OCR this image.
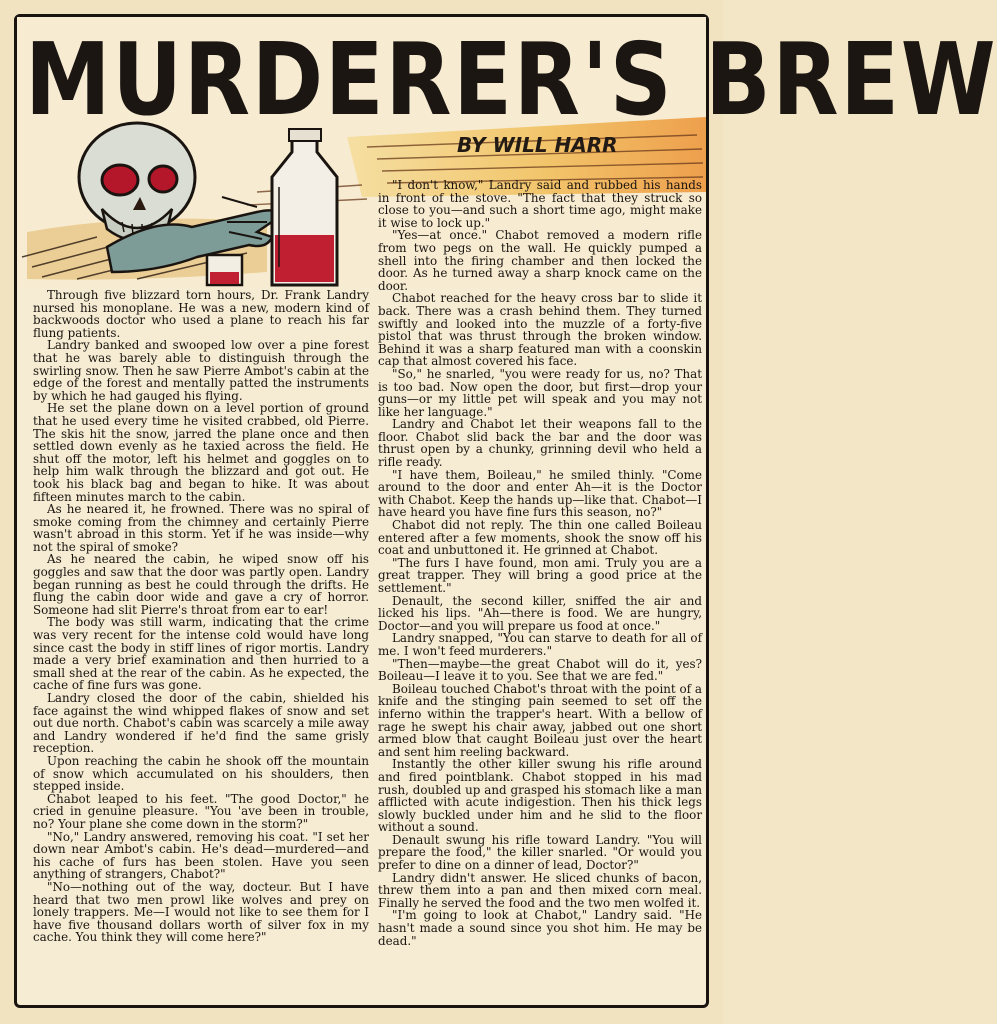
MURDERER'S BREW
BY WILL HARR

Through five blizzard torn hours, Dr. Frank Landry nursed his monoplane. He was a new, modern kind of backwoods doctor who used a plane to reach his far flung patients.

Landry banked and swooped low over a pine forest that he was barely able to distinguish through the swirling snow. Then he saw Pierre Ambot's cabin at the edge of the forest and mentally patted the instruments by which he had gauged his flying.

He set the plane down on a level portion of ground that he used every time he visited crabbed, old Pierre. The skis hit the snow, jarred the plane once and then settled down evenly as he taxied across the field. He shut off the motor, left his helmet and goggles on to help him walk through the blizzard and got out. He took his black bag and began to hike. It was about fifteen minutes march to the cabin.

As he neared it, he frowned. There was no spiral of smoke coming from the chimney and certainly Pierre wasn't abroad in this storm. Yet if he was inside—why not the spiral of smoke?

As he neared the cabin, he wiped snow off his goggles and saw that the door was partly open. Landry began running as best he could through the drifts. He flung the cabin door wide and gave a cry of horror. Someone had slit Pierre's throat from ear to ear!

The body was still warm, indicating that the crime was very recent for the intense cold would have long since cast the body in stiff lines of rigor mortis. Landry made a very brief examination and then hurried to a small shed at the rear of the cabin. As he expected, the cache of fine furs was gone.

Landry closed the door of the cabin, shielded his face against the wind whipped flakes of snow and set out due north. Chabot's cabin was scarcely a mile away and Landry wondered if he'd find the same grisly reception.

Upon reaching the cabin he shook off the mountain of snow which accumulated on his shoulders, then stepped inside.

Chabot leaped to his feet. "The good Doctor," he cried in genuine pleasure. "You 'ave been in trouble, no? Your plane she come down in the storm?"

"No," Landry answered, removing his coat. "I set her down near Ambot's cabin. He's dead—murdered—and his cache of furs has been stolen. Have you seen anything of strangers, Chabot?"

"No—nothing out of the way, docteur. But I have heard that two men prowl like wolves and prey on lonely trappers. Me—I would not like to see them for I have five thousand dollars worth of silver fox in my cache. You think they will come here?"

"I don't know," Landry said and rubbed his hands in front of the stove. "The fact that they struck so close to you—and such a short time ago, might make it wise to lock up."

"Yes—at once." Chabot removed a modern rifle from two pegs on the wall. He quickly pumped a shell into the firing chamber and then locked the door. As he turned away a sharp knock came on the door.

Chabot reached for the heavy cross bar to slide it back. There was a crash behind them. They turned swiftly and looked into the muzzle of a forty-five pistol that was thrust through the broken window. Behind it was a sharp featured man with a coonskin cap that almost covered his face.

"So," he snarled, "you were ready for us, no? That is too bad. Now open the door, but first—drop your guns—or my little pet will speak and you may not like her language."

Landry and Chabot let their weapons fall to the floor. Chabot slid back the bar and the door was thrust open by a chunky, grinning devil who held a rifle ready.

"I have them, Boileau," he smiled thinly. "Come around to the door and enter Ah—it is the Doctor with Chabot. Keep the hands up—like that. Chabot—I have heard you have fine furs this season, no?"

Chabot did not reply. The thin one called Boileau entered after a few moments, shook the snow off his coat and unbuttoned it. He grinned at Chabot.

"The furs I have found, mon ami. Truly you are a great trapper. They will bring a good price at the settlement."

Denault, the second killer, sniffed the air and licked his lips. "Ah—there is food. We are hungry, Doctor—and you will prepare us food at once."

Landry snapped, "You can starve to death for all of me. I won't feed murderers."

"Then—maybe—the great Chabot will do it, yes? Boileau—I leave it to you. See that we are fed."

Boileau touched Chabot's throat with the point of a knife and the stinging pain seemed to set off the inferno within the trapper's heart. With a bellow of rage he swept his chair away, jabbed out one short armed blow that caught Boileau just over the heart and sent him reeling backward.

Instantly the other killer swung his rifle around and fired pointblank. Chabot stopped in his mad rush, doubled up and grasped his stomach like a man afflicted with acute indigestion. Then his thick legs slowly buckled under him and he slid to the floor without a sound.

Denault swung his rifle toward Landry. "You will prepare the food," the killer snarled. "Or would you prefer to dine on a dinner of lead, Doctor?"

Landry didn't answer. He sliced chunks of bacon, threw them into a pan and then mixed corn meal. Finally he served the food and the two men wolfed it.

"I'm going to look at Chabot," Landry said. "He hasn't made a sound since you shot him. He may be dead."
